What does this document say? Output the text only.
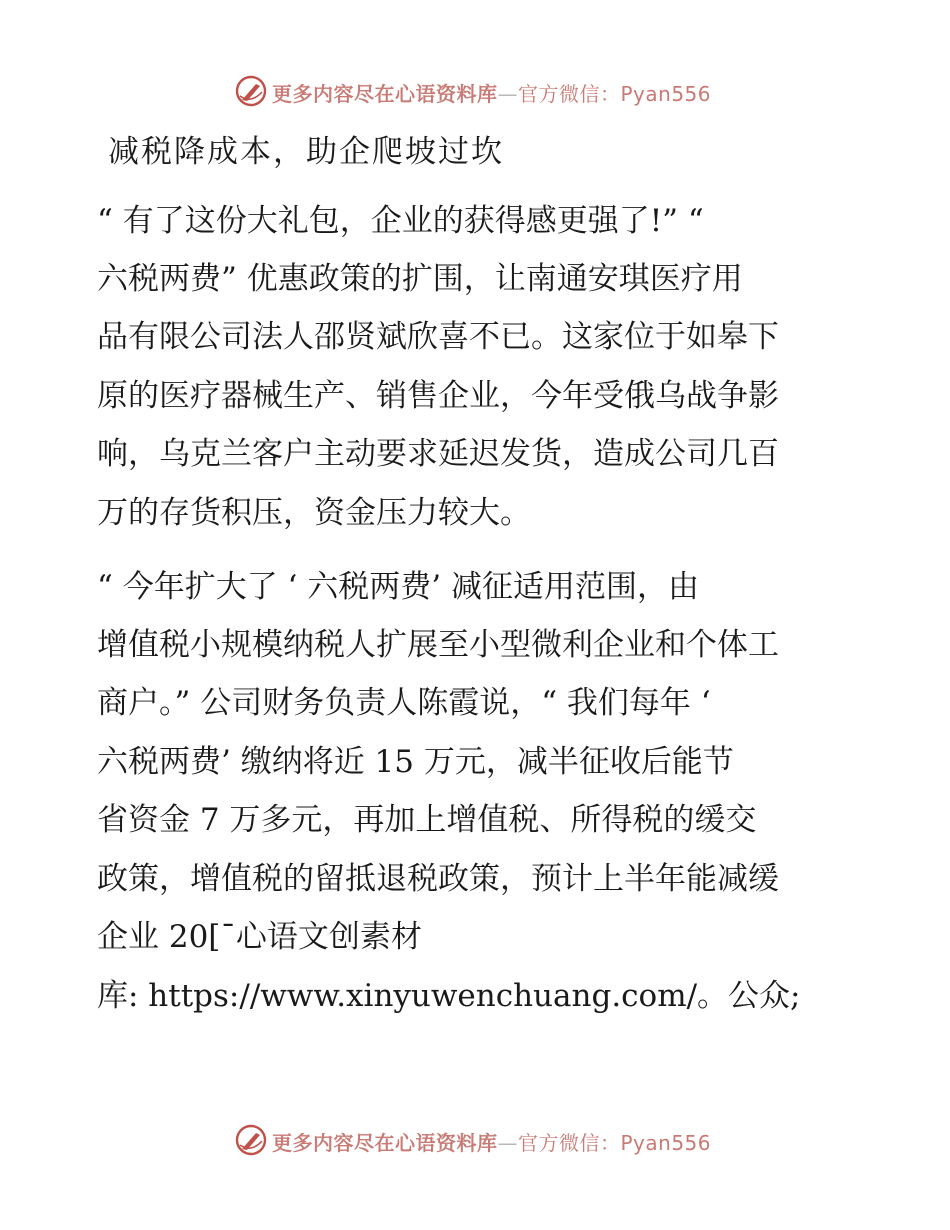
更多内容尽在心语资料库—官方微信：Pyan556
减税降成本，助企爬坡过坎
“ 有了这份大礼包，企业的获得感更强了!” “
六税两费” 优惠政策的扩围，让南通安琪医疗用
品有限公司法人邵贤斌欣喜不已。这家位于如皋下
原的医疗器械生产、销售企业，今年受俄乌战争影
响，乌克兰客户主动要求延迟发货，造成公司几百
万的存货积压，资金压力较大。
“ 今年扩大了 ‘ 六税两费’ 减征适用范围，由
增值税小规模纳税人扩展至小型微利企业和个体工
商户。” 公司财务负责人陈霞说，“ 我们每年 ‘
六税两费’ 缴纳将近 15 万元，减半征收后能节
省资金 7 万多元，再加上增值税、所得税的缓交
政策，增值税的留抵退税政策，预计上半年能减缓
企业 20[¯心语文创素材
库: https://www.xinyuwenchuang.com/。公众;
更多内容尽在心语资料库—官方微信：Pyan556
